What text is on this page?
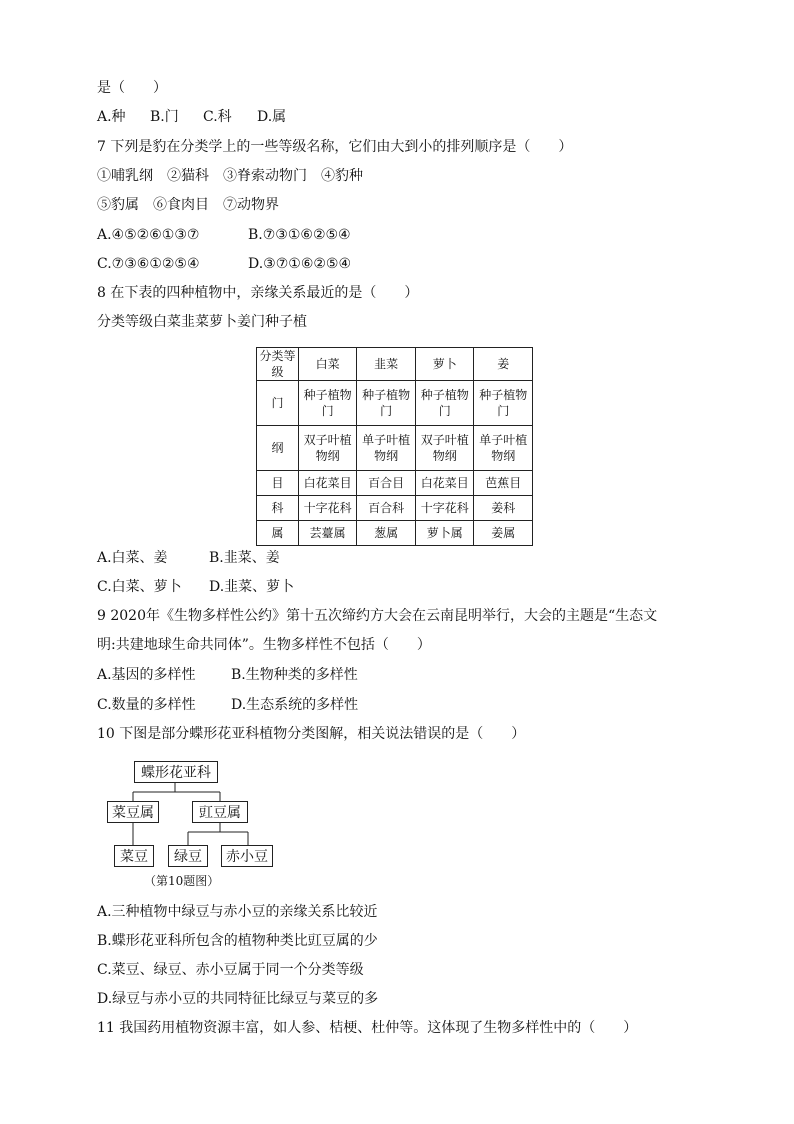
是（　　）
A.种 B.门 C.科 D.属
7 下列是豹在分类学上的一些等级名称，它们由大到小的排列顺序是（　　）
①哺乳纲　②猫科　③脊索动物门　④豹种
⑤豹属　⑥食肉目　⑦动物界
A.④⑤②⑥①③⑦	B.⑦③①⑥②⑤④
C.⑦③⑥①②⑤④	D.③⑦①⑥②⑤④
8 在下表的四种植物中，亲缘关系最近的是（　　）
分类等级白菜韭菜萝卜姜门种子植
分类等级	白菜	韭菜	萝卜	姜
门	种子植物门	种子植物门	种子植物门	种子植物门
纲	双子叶植物纲	单子叶植物纲	双子叶植物纲	单子叶植物纲
目	白花菜目	百合目	白花菜目	芭蕉目
科	十字花科	百合科	十字花科	姜科
属	芸薹属	葱属	萝卜属	姜属
A.白菜、姜	B.韭菜、姜
C.白菜、萝卜 D.韭菜、萝卜
9 2020年《生物多样性公约》第十五次缔约方大会在云南昆明举行，大会的主题是“生态文
明:共建地球生命共同体”。生物多样性不包括（　　）
A.基因的多样性	B.生物种类的多样性
C.数量的多样性	D.生态系统的多样性
10 下图是部分蝶形花亚科植物分类图解，相关说法错误的是（　　）
蝶形花亚科
菜豆属	豇豆属
菜豆	绿豆	赤小豆
（第10题图）
A.三种植物中绿豆与赤小豆的亲缘关系比较近
B.蝶形花亚科所包含的植物种类比豇豆属的少
C.菜豆、绿豆、赤小豆属于同一个分类等级
D.绿豆与赤小豆的共同特征比绿豆与菜豆的多
11 我国药用植物资源丰富，如人参、桔梗、杜仲等。这体现了生物多样性中的（　　）
